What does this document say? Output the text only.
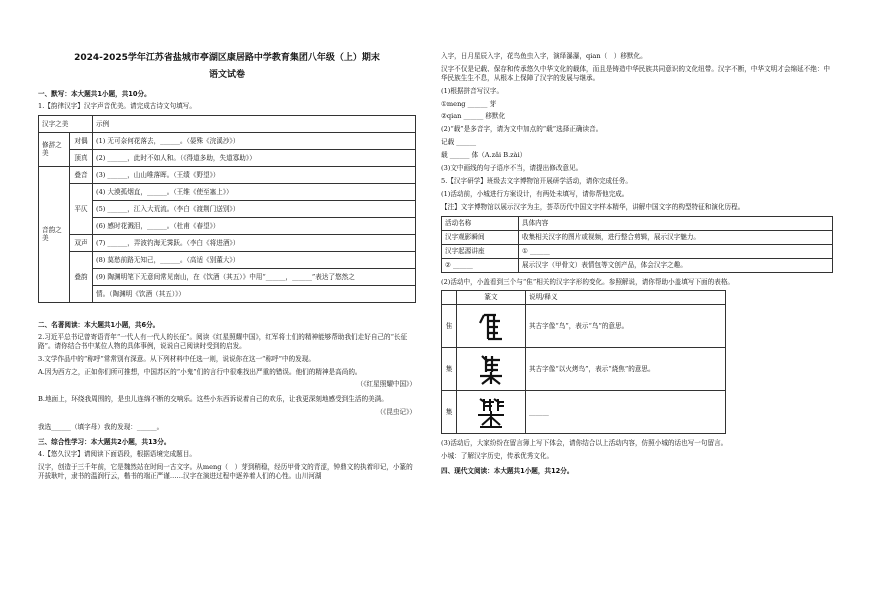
2024-2025学年江苏省盐城市亭湖区康居路中学教育集团八年级（上）期末
语文试卷
一、默写：本大题共1小题，共10分。

1.【韵律汉字】汉字声音优美。请完成古诗文句填写。

汉字之美		示例
修辞之
美	对偶	(1) 无可奈何花落去，______。（晏殊《浣溪沙》）
	顶真	(2) ______，此时不如人和。（《得道多助，失道寡助》）
音韵之
美	叠音	(3) ______，山山唯落晖。（王绩《野望》）
	平仄	(4) 大漠孤烟直，______。（王维《使至塞上》）
		(5) ______，江入大荒流。（李白《渡荆门送别》）
		(6) 感时花溅泪，______。（杜甫《春望》）
	双声	(7) ______，弄波钓海无霁跃。（李白《将进酒》）
	叠韵	(8) 莫愁前路无知己，______。（高适《别董大》）
		(9) 陶渊明笔下无意间常见南山，在《饮酒（其五）》中用“______，______”表达了悠然之
		情。（陶渊明《饮酒（其五）》）
二、名著阅读：本大题共1小题，共6分。

2.习近平总书记曾寄语青年“一代人有一代人的长征”。阅读《红星照耀中国》，红军将士们的精神能够帮助我们走好自己的“长征路”。请你结合书中某位人物的具体事例，说说自己阅读时受到的启发。

3.文学作品中的“称呼”常常别有深意。从下列材料中任选一则，说说你在这一“称呼”中的发现。

A.因为西方之，正如你们所可推想，中国苏区的“小鬼”们的言行中很难找出严重的错误。他们的精神是高尚的。

（《红星照耀中国》）

B.地面上，环绕我周围的，是虫儿连绵不断的交响乐。这些小东西诉说着自己的欢乐，让我更深刻地感受到生活的美满。

（《昆虫记》）

我选______（填字母）我的发现：______。

三、综合性学习：本大题共2小题，共13分。

4.【悠久汉字】请阅读下面语段，根据语境完成题目。

汉字，创造于三千年前，它是魏然站在时间一古文字。从meng（　）芽到稍稳，经历甲骨文的青涩，钟鼎文的执着印记，小篆的开拔耿叶，隶书的温润行云，楷书的端正严谨……汉字在演进过程中逐养着人们的心性。山川河湖

入字，日月星辰入字，花鸟鱼虫入字，演绎瀑瀑，qian（　）移默化。

汉字不仅是记载、保存和传承悠久中华文化的载体，而且是铸造中华民族共同意识的文化纽带。汉字不断，中华文明才会绵延不绝：中华民族生生不息，从根本上保障了汉字的发展与继承。

(1)根据拼音写汉字。

①meng ______ 芽

②qian ______ 移默化

(2)“载”是多音字，请为文中加点的“载”选择正确读音。

记载 ______

载 ______ 体（A.zǎi B.zài）

(3)文中画线的句子语序不当，请提出修改意见。

5.【汉字研学】班级去文字博物馆开展研学活动，请你完成任务。

(1)活动前，小城进行方案设计，有两处未填写，请你帮他完成。

【注】文字博物馆以展示汉字为主，荟萃历代中国文字样本精华，讲解中国文字的构型特征和演化历程。

活动名称	具体内容
汉字观影瞬间	收集相关汉字的图片或视频，进行整合剪辑，展示汉字魅力。
汉字起源讲座	① ______
② ______	展示汉字（甲骨文）表情包等文创产品，体会汉字之趣。

(2)活动中，小盖看到三个与“隹”相关的汉字字形的变化。参照解说，请你帮助小盖填写下面的表格。

	篆文	说明/释义
隹		其古字像“鸟”，表示“鸟”的意思。
集		其古字像“以火烤鸟”，表示“烧焦”的意思。
集		______

(3)活动后，大家纷纷在留言簿上写下体会，请你结合以上活动内容，仿照小城的话也写一句留言。

小城：了解汉字历史，传承优秀文化。

四、现代文阅读：本大题共1小题，共12分。
